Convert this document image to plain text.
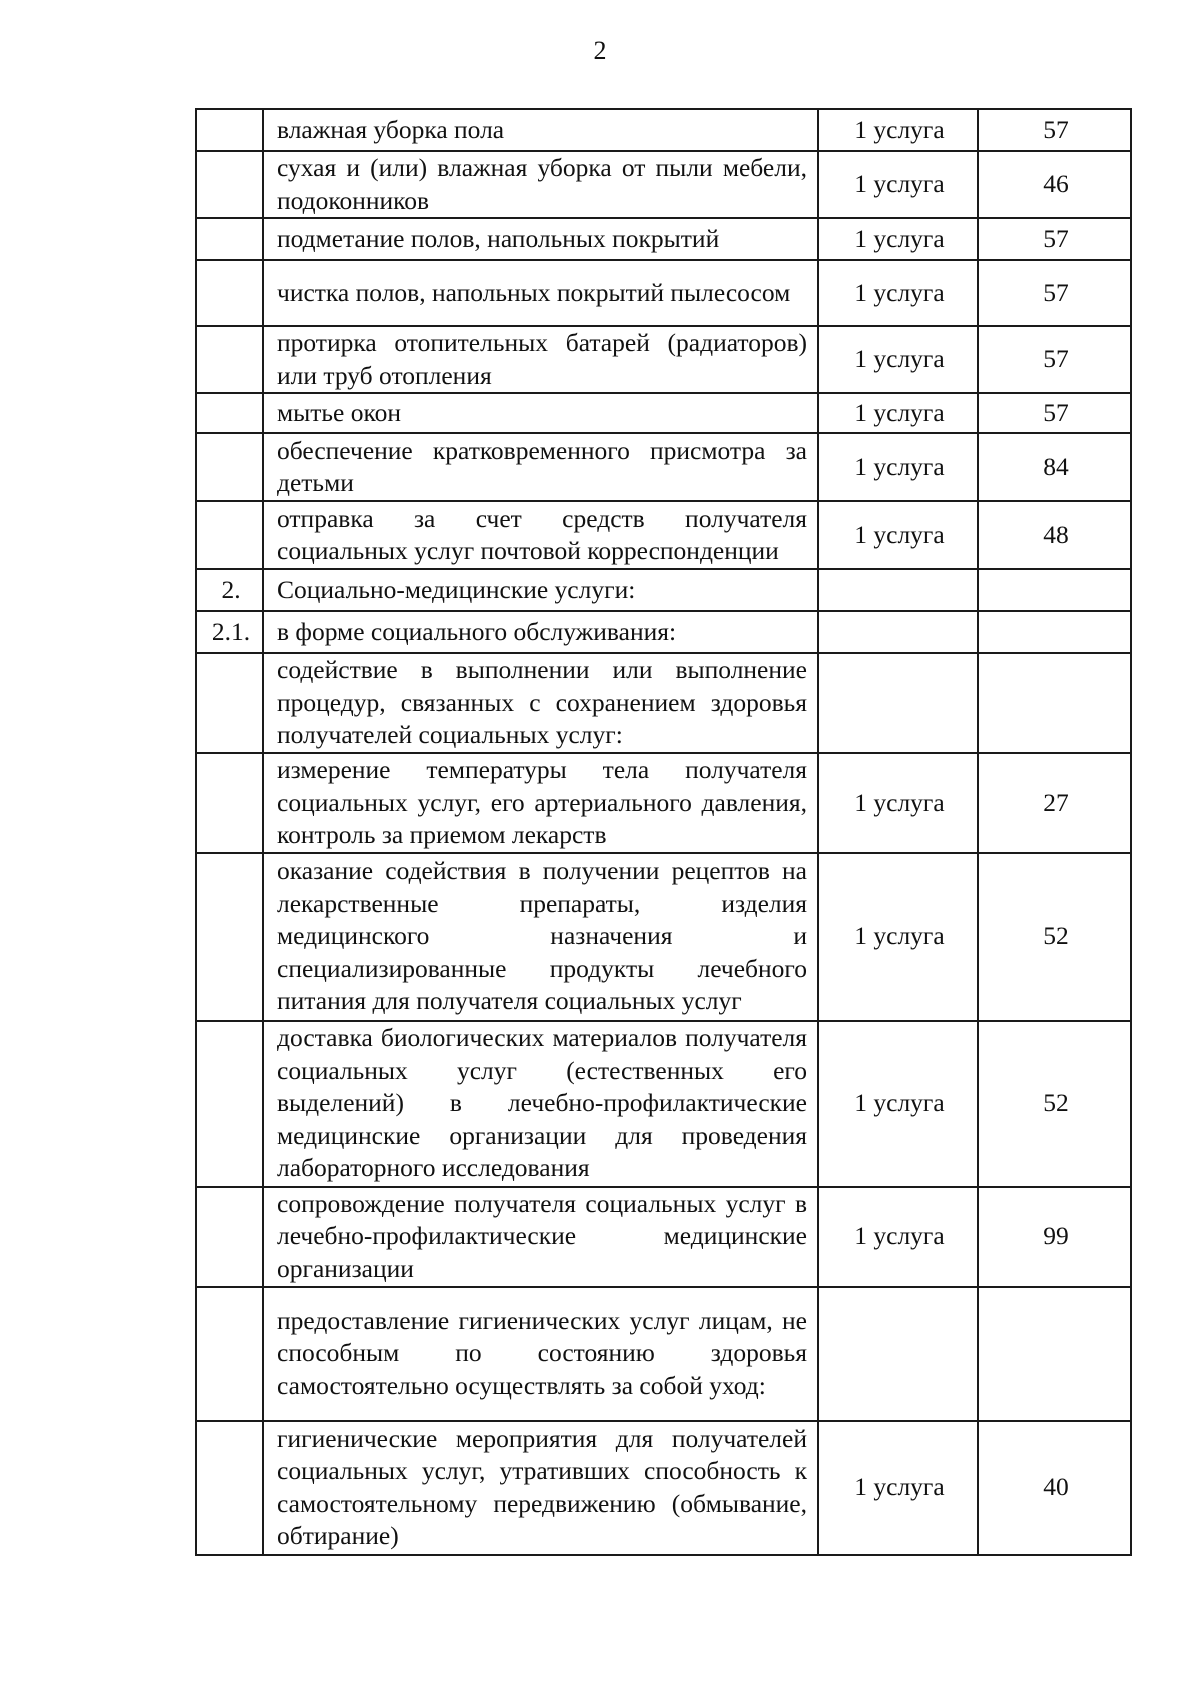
2
	влажная уборка пола	1 услуга	57
	сухая и (или) влажная уборка от пыли мебели, подоконников	1 услуга	46
	подметание полов, напольных покрытий	1 услуга	57
	чистка полов, напольных покрытий пылесосом	1 услуга	57
	протирка отопительных батарей (радиаторов) или труб отопления	1 услуга	57
	мытье окон	1 услуга	57
	обеспечение кратковременного присмотра за детьми	1 услуга	84
	отправка за счет средств получателя социальных услуг почтовой корреспонденции	1 услуга	48
2.	Социально-медицинские услуги:		
2.1.	в форме социального обслуживания:		
	содействие в выполнении или выполнение процедур, связанных с сохранением здоровья получателей социальных услуг:		
	измерение температуры тела получателя социальных услуг, его артериального давления, контроль за приемом лекарств	1 услуга	27
	оказание содействия в получении рецептов на лекарственные препараты, изделия медицинского назначения и специализированные продукты лечебного питания для получателя социальных услуг	1 услуга	52
	доставка биологических материалов получателя социальных услуг (естественных его выделений) в лечебно-профилактические медицинские организации для проведения лабораторного исследования	1 услуга	52
	сопровождение получателя социальных услуг в лечебно-профилактические медицинские организации	1 услуга	99
	предоставление гигиенических услуг лицам, не способным по состоянию здоровья самостоятельно осуществлять за собой уход:		
	гигиенические мероприятия для получателей социальных услуг, утративших способность к самостоятельному передвижению (обмывание, обтирание)	1 услуга	40
